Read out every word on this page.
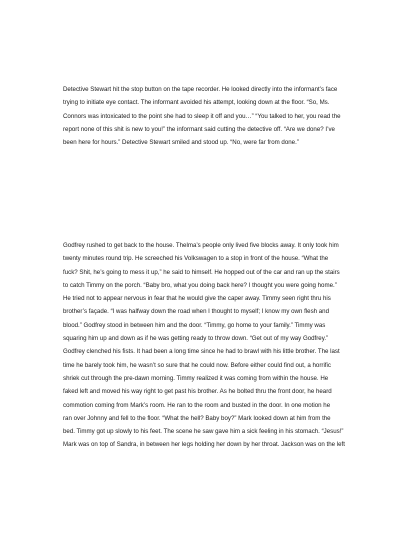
Detective Stewart hit the stop button on the tape recorder. He looked directly into the informant’s face
trying to initiate eye contact. The informant avoided his attempt, looking down at the floor. “So, Ms.
Connors was intoxicated to the point she had to sleep it off and you…” “You talked to her, you read the
report none of this shit is new to you!” the informant said cutting the detective off. “Are we done? I’ve
been here for hours.” Detective Stewart smiled and stood up. “No, were far from done.”
Godfrey rushed to get back to the house. Thelma’s people only lived five blocks away. It only took him
twenty minutes round trip. He screeched his Volkswagen to a stop in front of the house. “What the
fuck? Shit, he’s going to mess it up,” he said to himself. He hopped out of the car and ran up the stairs
to catch Timmy on the porch. “Baby bro, what you doing back here? I thought you were going home.”
He tried not to appear nervous in fear that he would give the caper away. Timmy seen right thru his
brother’s façade. “I was halfway down the road when I thought to myself; I know my own flesh and
blood.” Godfrey stood in between him and the door. “Timmy, go home to your family.” Timmy was
squaring him up and down as if he was getting ready to throw down. “Get out of my way Godfrey.”
Godfrey clenched his fists. It had been a long time since he had to brawl with his little brother. The last
time he barely took him, he wasn’t so sure that he could now. Before either could find out, a horrific
shriek cut through the pre-dawn morning. Timmy realized it was coming from within the house. He
faked left and moved his way right to get past his brother. As he bolted thru the front door, he heard
commotion coming from Mark’s room. He ran to the room and busted in the door. In one motion he
ran over Johnny and fell to the floor. “What the hell? Baby boy?” Mark looked down at him from the
bed. Timmy got up slowly to his feet. The scene he saw gave him a sick feeling in his stomach. “Jesus!”
Mark was on top of Sandra, in between her legs holding her down by her throat. Jackson was on the left
